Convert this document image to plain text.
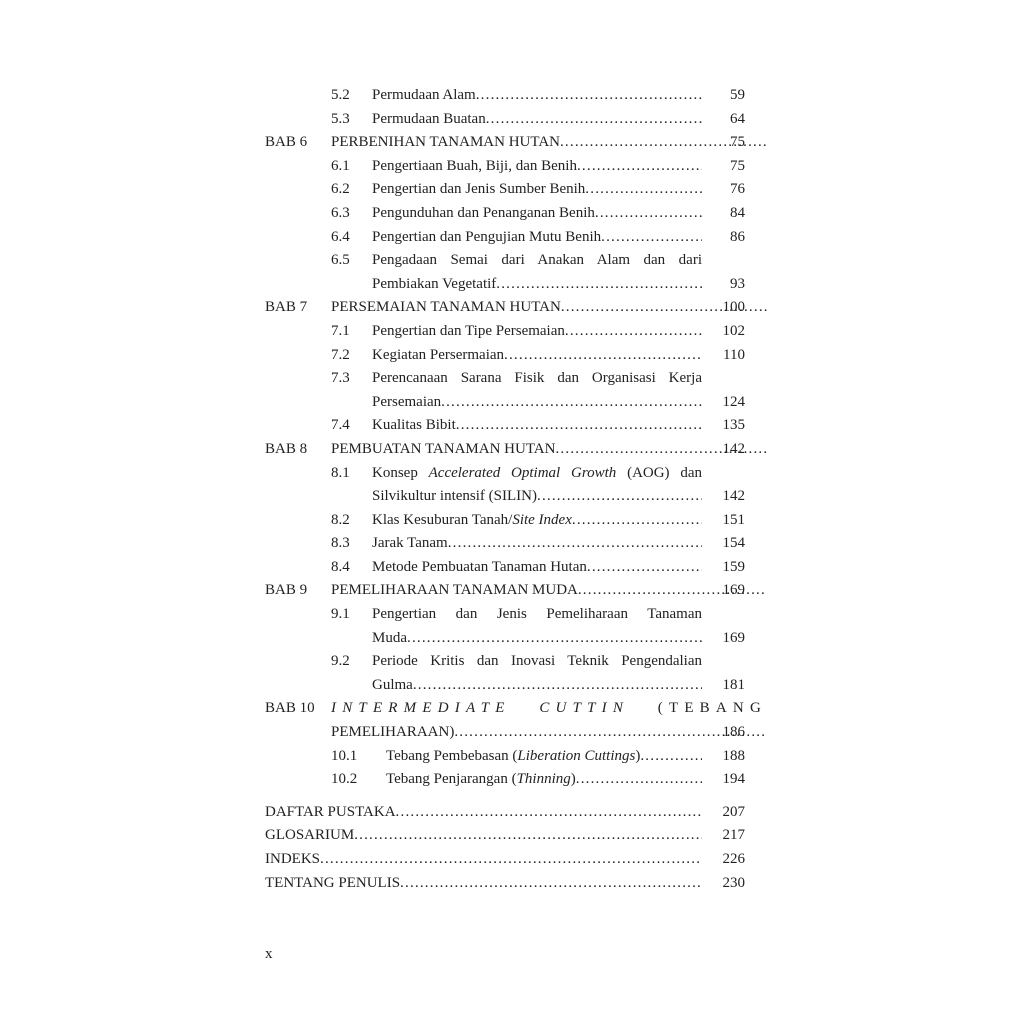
5.2 Permudaan Alam .....	59
5.3 Permudaan Buatan .....	64
BAB 6 PERBENIHAN TANAMAN HUTAN .....	75
6.1 Pengertiaan Buah, Biji, dan Benih .....	75
6.2 Pengertian dan Jenis Sumber Benih .....	76
6.3 Pengunduhan dan Penanganan Benih .....	84
6.4 Pengertian dan Pengujian Mutu Benih .....	86
6.5 Pengadaan Semai dari Anakan Alam dan dari
Pembiakan Vegetatif .....	93
BAB 7 PERSEMAIAN TANAMAN HUTAN .....	100
7.1 Pengertian dan Tipe Persemaian .....	102
7.2 Kegiatan Persermaian .....	110
7.3 Perencanaan Sarana Fisik dan Organisasi Kerja
Persemaian .....	124
7.4 Kualitas Bibit .....	135
BAB 8 PEMBUATAN TANAMAN HUTAN .....	142
8.1 Konsep Accelerated Optimal Growth (AOG) dan
Silvikultur intensif (SILIN) .....	142
8.2 Klas Kesuburan Tanah/Site Index .....	151
8.3 Jarak Tanam .....	154
8.4 Metode Pembuatan Tanaman Hutan .....	159
BAB 9 PEMELIHARAAN TANAMAN MUDA .....	169
9.1 Pengertian dan Jenis Pemeliharaan Tanaman
Muda .....	169
9.2 Periode Kritis dan Inovasi Teknik Pengendalian
Gulma .....	181
BAB 10 INTERMEDIATE CUTTIN (TEBANG
PEMELIHARAAN) .....	186
10.1 Tebang Pembebasan (Liberation Cuttings) .....	188
10.2 Tebang Penjarangan (Thinning) .....	194
DAFTAR PUSTAKA .....	207
GLOSARIUM .....	217
INDEKS .....	226
TENTANG PENULIS .....	230
x
